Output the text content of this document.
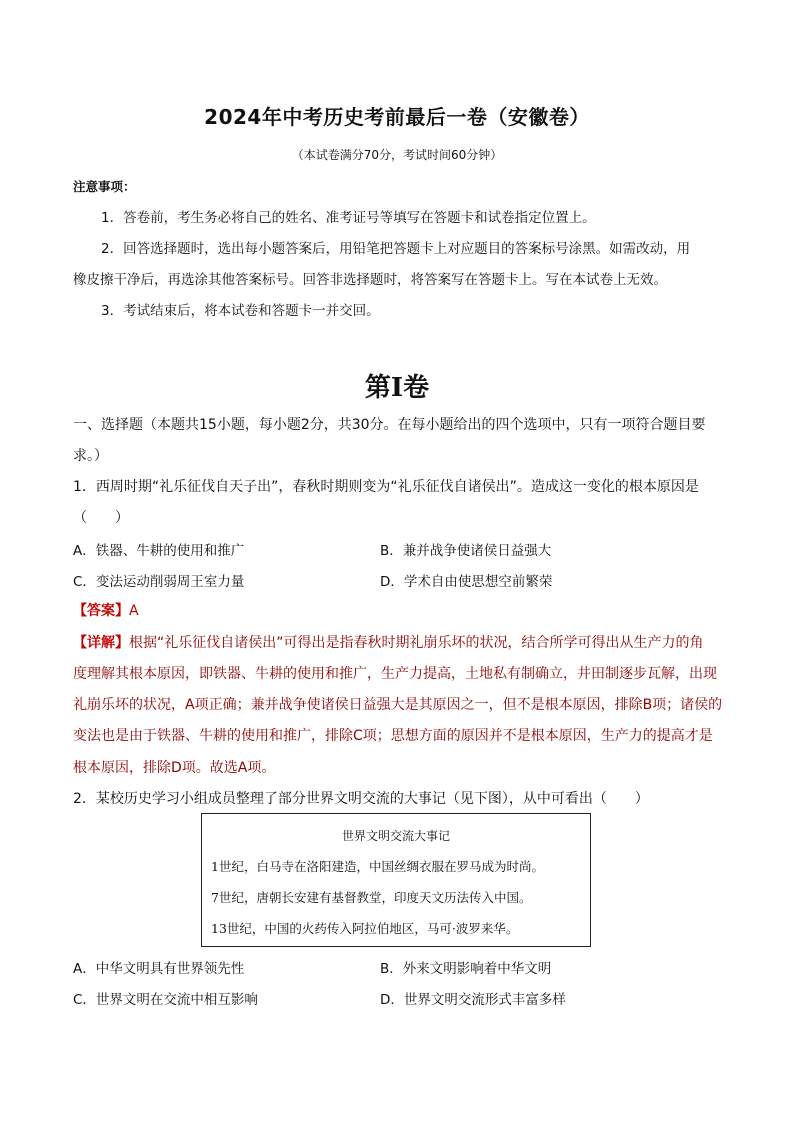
2024年中考历史考前最后一卷（安徽卷）
（本试卷满分70分，考试时间60分钟）
注意事项：
1．答卷前，考生务必将自己的姓名、准考证号等填写在答题卡和试卷指定位置上。
2．回答选择题时，选出每小题答案后，用铅笔把答题卡上对应题目的答案标号涂黑。如需改动，用
橡皮擦干净后，再选涂其他答案标号。回答非选择题时，将答案写在答题卡上。写在本试卷上无效。
3．考试结束后，将本试卷和答题卡一并交回。
第Ⅰ卷
一、选择题（本题共15小题，每小题2分，共30分。在每小题给出的四个选项中，只有一项符合题目要
求。）
1．西周时期“礼乐征伐自天子出”，春秋时期则变为“礼乐征伐自诸侯出”。造成这一变化的根本原因是
（　　）
A．铁器、牛耕的使用和推广	B．兼并战争使诸侯日益强大
C．变法运动削弱周王室力量	D．学术自由使思想空前繁荣
【答案】A
【详解】根据“礼乐征伐自诸侯出”可得出是指春秋时期礼崩乐坏的状况，结合所学可得出从生产力的角
度理解其根本原因，即铁器、牛耕的使用和推广，生产力提高，土地私有制确立，井田制逐步瓦解，出现
礼崩乐坏的状况，A项正确；兼并战争使诸侯日益强大是其原因之一，但不是根本原因，排除B项；诸侯的
变法也是由于铁器、牛耕的使用和推广，排除C项；思想方面的原因并不是根本原因，生产力的提高才是
根本原因，排除D项。故选A项。
2．某校历史学习小组成员整理了部分世界文明交流的大事记（见下图），从中可看出（　　）
世界文明交流大事记
1世纪，白马寺在洛阳建造，中国丝绸衣服在罗马成为时尚。
7世纪，唐朝长安建有基督教堂，印度天文历法传入中国。
13世纪，中国的火药传入阿拉伯地区，马可·波罗来华。
A．中华文明具有世界领先性	B．外来文明影响着中华文明
C．世界文明在交流中相互影响	D．世界文明交流形式丰富多样
